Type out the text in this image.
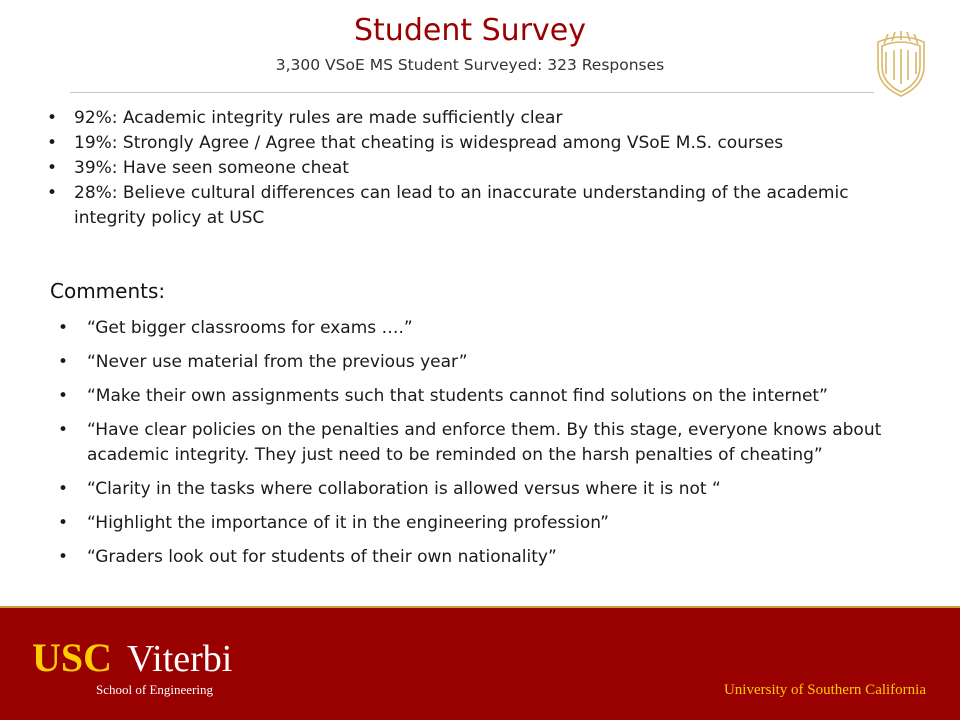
Student Survey
3,300 VSoE MS Student Surveyed: 323 Responses
• 92%: Academic integrity rules are made sufficiently clear
• 19%: Strongly Agree / Agree that cheating is widespread among VSoE M.S. courses
• 39%: Have seen someone cheat
• 28%: Believe cultural differences can lead to an inaccurate understanding of the academic integrity policy at USC
Comments:
• “Get bigger classrooms for exams ….”
• “Never use material from the previous year”
• “Make their own assignments such that students cannot find solutions on the internet”
• “Have clear policies on the penalties and enforce them. By this stage, everyone knows about academic integrity. They just need to be reminded on the harsh penalties of cheating”
• “Clarity in the tasks where collaboration is allowed versus where it is not “
• “Highlight the importance of it in the engineering profession”
• “Graders look out for students of their own nationality”
USC Viterbi
School of Engineering	University of Southern California
